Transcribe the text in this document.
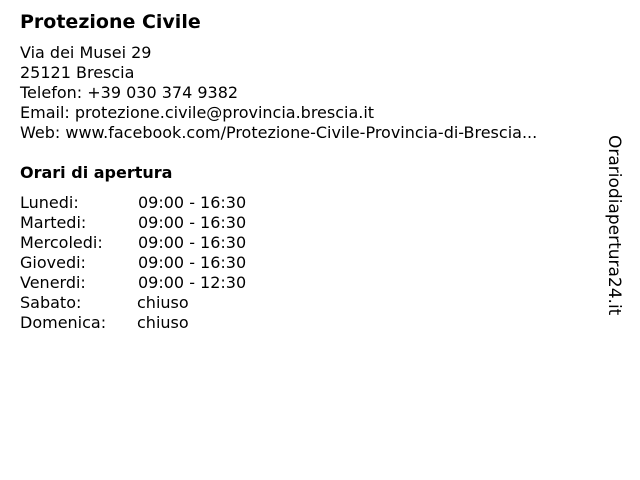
Protezione Civile
Via dei Musei 29
25121 Brescia
Telefon: +39 030 374 9382
Email: protezione.civile@provincia.brescia.it
Web: www.facebook.com/Protezione-Civile-Provincia-di-Brescia...
Orari di apertura
Lunedi:	09:00 - 16:30
Martedi:	09:00 - 16:30
Mercoledi: 09:00 - 16:30
Giovedi:	09:00 - 16:30
Venerdi:	09:00 - 12:30
Sabato:	chiuso
Domenica: chiuso
Orariodiapertura24.it
